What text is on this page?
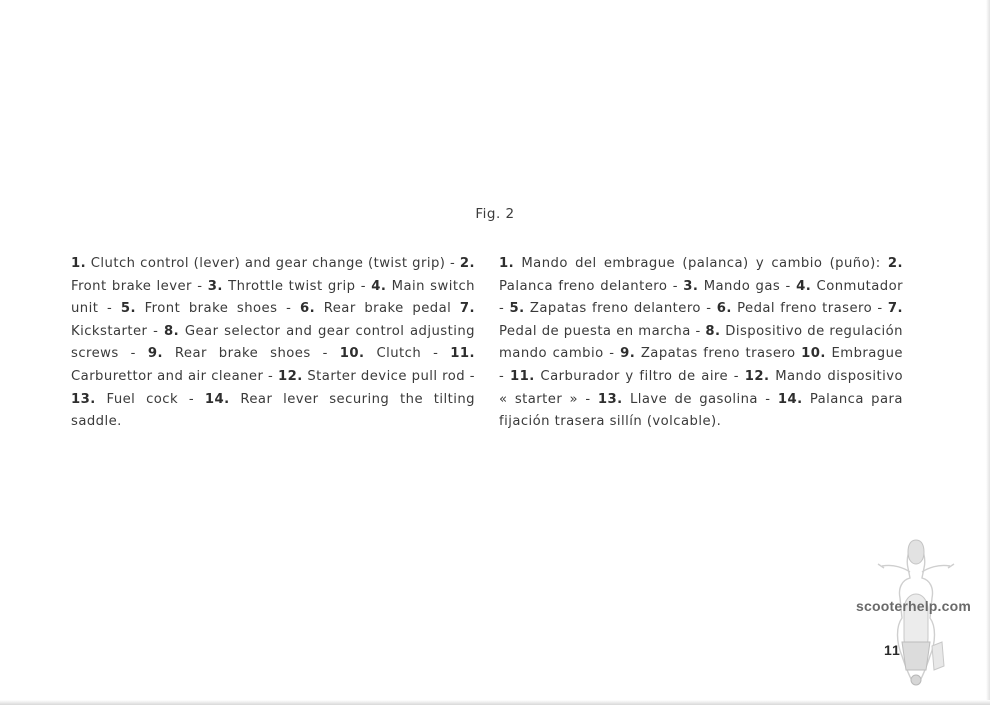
Fig. 2
1. Clutch control (lever) and gear change (twist grip) - 2. Front brake lever - 3. Throttle twist grip - 4. Main switch unit - 5. Front brake shoes - 6. Rear brake pedal 7. Kickstarter - 8. Gear selector and gear control adjusting screws - 9. Rear brake shoes - 10. Clutch - 11. Carburettor and air cleaner - 12. Starter device pull rod - 13. Fuel cock - 14. Rear lever securing the tilting saddle.
1. Mando del embrague (palanca) y cambio (puño): 2. Palanca freno delantero - 3. Mando gas - 4. Conmutador - 5. Zapatas freno delantero - 6. Pedal freno trasero - 7. Pedal de puesta en marcha - 8. Dispositivo de regulación mando cambio - 9. Zapatas freno trasero 10. Embrague - 11. Carburador y filtro de aire - 12. Mando dispositivo « starter » - 13. Llave de gasolina - 14. Palanca para fijación trasera sillín (volcable).
scooterhelp.com
11
